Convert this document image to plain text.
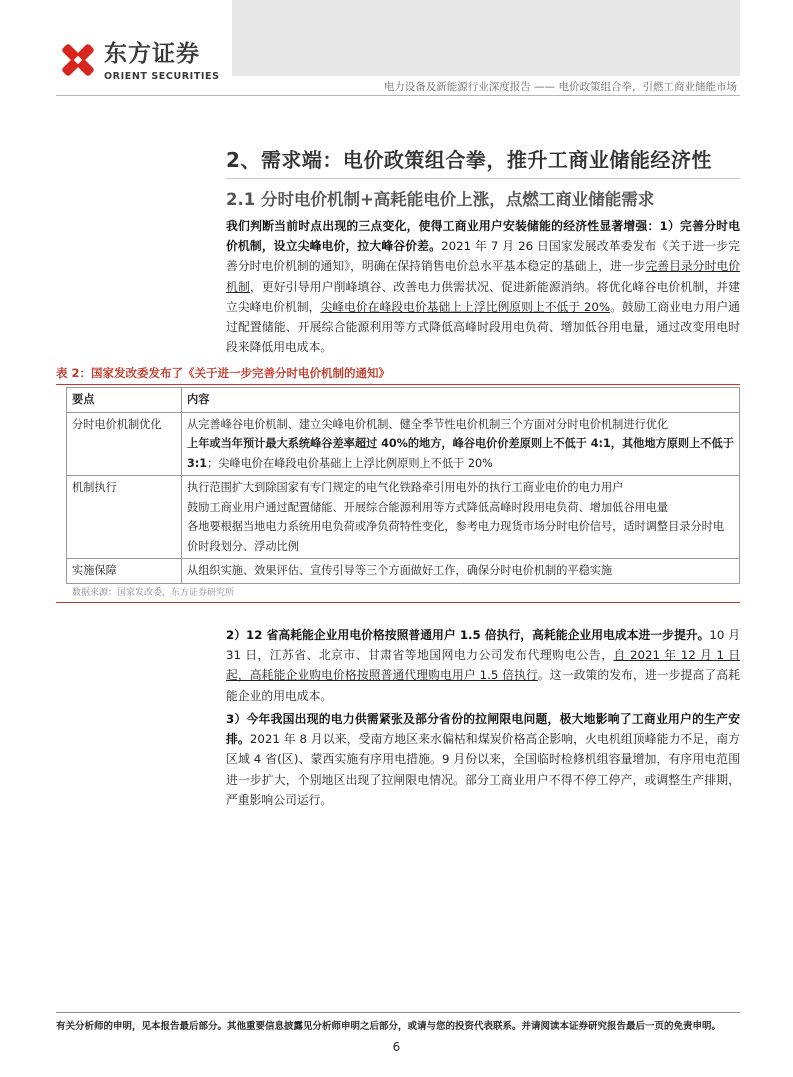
东方证券
ORIENT SECURITIES
电力设备及新能源行业深度报告 —— 电价政策组合拳，引燃工商业储能市场
2、需求端：电价政策组合拳，推升工商业储能经济性
2.1 分时电价机制+高耗能电价上涨，点燃工商业储能需求
我们判断当前时点出现的三点变化，使得工商业用户安装储能的经济性显著增强：1）完善分时电价机制，设立尖峰电价，拉大峰谷价差。2021 年 7 月 26 日国家发展改革委发布《关于进一步完善分时电价机制的通知》，明确在保持销售电价总水平基本稳定的基础上，进一步完善目录分时电价机制，更好引导用户削峰填谷、改善电力供需状况、促进新能源消纳。将优化峰谷电价机制，并建立尖峰电价机制，尖峰电价在峰段电价基础上上浮比例原则上不低于 20%。鼓励工商业电力用户通过配置储能、开展综合能源利用等方式降低高峰时段用电负荷、增加低谷用电量，通过改变用电时段来降低用电成本。
表 2：国家发改委发布了《关于进一步完善分时电价机制的通知》
要点	内容
分时电价机制优化	从完善峰谷电价机制、建立尖峰电价机制、健全季节性电价机制三个方面对分时电价机制进行优化
上年或当年预计最大系统峰谷差率超过 40%的地方，峰谷电价价差原则上不低于 4:1，其他地方原则上不低于 3:1；尖峰电价在峰段电价基础上上浮比例原则上不低于 20%

机制执行	执行范围扩大到除国家有专门规定的电气化铁路牵引用电外的执行工商业电价的电力用户
鼓励工商业用户通过配置储能、开展综合能源利用等方式降低高峰时段用电负荷、增加低谷用电量
各地要根据当地电力系统用电负荷或净负荷特性变化，参考电力现货市场分时电价信号，适时调整目录分时电价时段划分、浮动比例

实施保障	从组织实施、效果评估、宣传引导等三个方面做好工作，确保分时电价机制的平稳实施
数据来源：国家发改委，东方证券研究所
2）12 省高耗能企业用电价格按照普通用户 1.5 倍执行，高耗能企业用电成本进一步提升。10 月 31 日，江苏省、北京市、甘肃省等地国网电力公司发布代理购电公告，自 2021 年 12 月 1 日起，高耗能企业购电价格按照普通代理购电用户 1.5 倍执行。这一政策的发布，进一步提高了高耗能企业的用电成本。
3）今年我国出现的电力供需紧张及部分省份的拉闸限电问题，极大地影响了工商业用户的生产安排。2021 年 8 月以来，受南方地区来水偏枯和煤炭价格高企影响，火电机组顶峰能力不足，南方区域 4 省(区)、蒙西实施有序用电措施。9 月份以来，全国临时检修机组容量增加，有序用电范围进一步扩大，个别地区出现了拉闸限电情况。部分工商业用户不得不停工停产，或调整生产排期，严重影响公司运行。
有关分析师的申明，见本报告最后部分。其他重要信息披露见分析师申明之后部分，或请与您的投资代表联系。并请阅读本证券研究报告最后一页的免责申明。
6
